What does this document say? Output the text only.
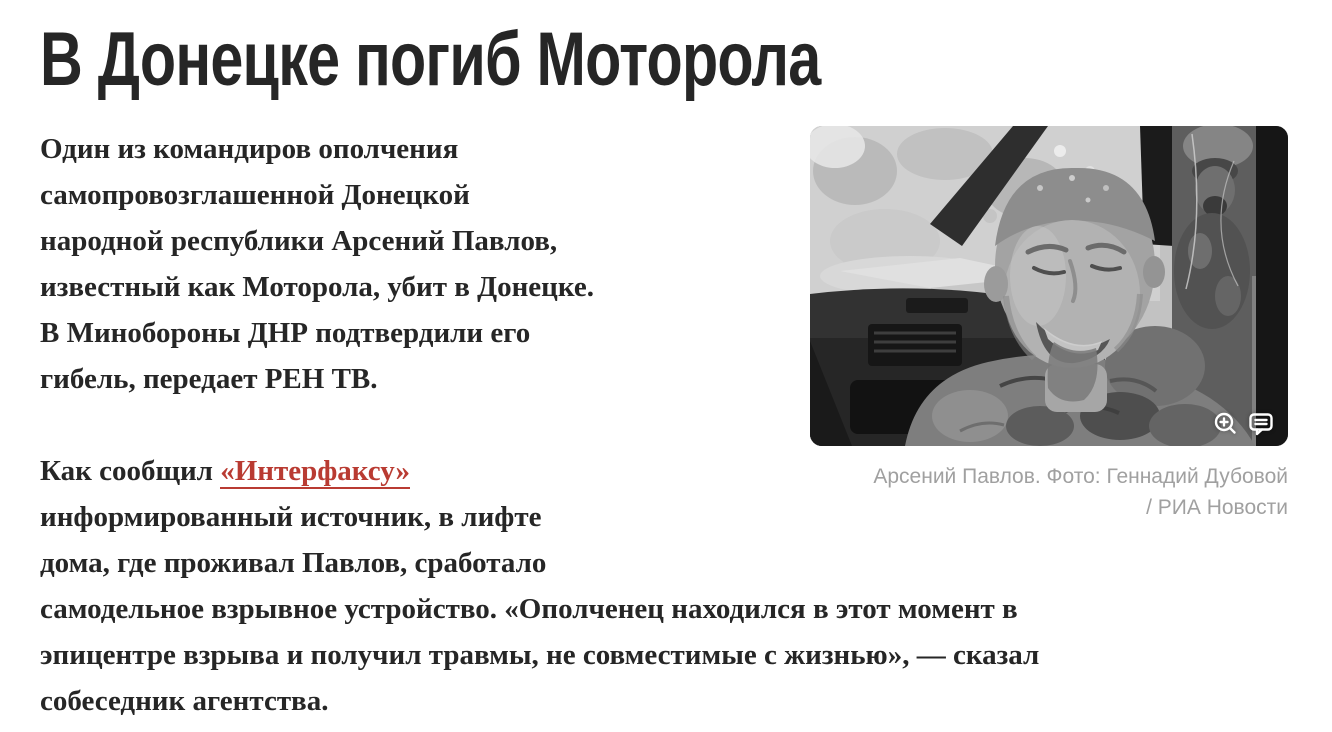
В Донецке погиб Моторола
Арсений Павлов. Фото: Геннадий Дубовой
/ РИА Новости
Один из командиров ополчения
самопровозглашенной Донецкой
народной республики Арсений Павлов,
известный как Моторола, убит в Донецке.
В Минобороны ДНР подтвердили его
гибель, передает РЕН ТВ.
Как сообщил «Интерфаксу»
информированный источник, в лифте
дома, где проживал Павлов, сработало
самодельное взрывное устройство. «Ополченец находился в этот момент в
эпицентре взрыва и получил травмы, не совместимые с жизнью», — сказал
собеседник агентства.
